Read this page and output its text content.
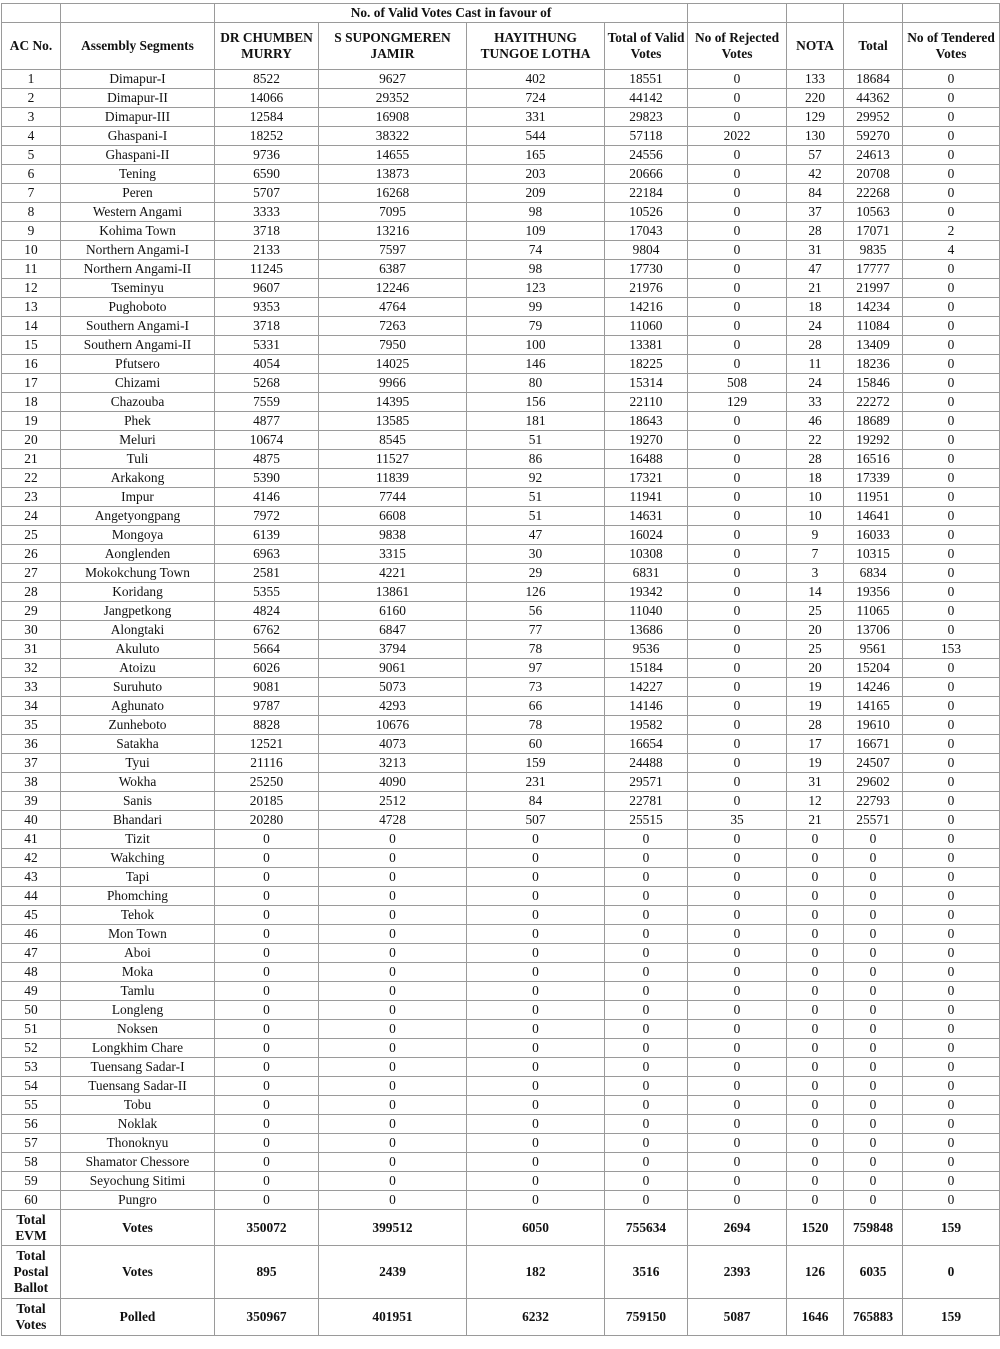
		No. of Valid Votes Cast in favour of							
AC No.	Assembly Segments	DR CHUMBEN MURRY	S SUPONGMEREN JAMIR	HAYITHUNG TUNGOE LOTHA	Total of Valid Votes	No of Rejected Votes	NOTA	Total	No of Tendered Votes
1	Dimapur-I	8522	9627	402	18551	0	133	18684	0
2	Dimapur-II	14066	29352	724	44142	0	220	44362	0
3	Dimapur-III	12584	16908	331	29823	0	129	29952	0
4	Ghaspani-I	18252	38322	544	57118	2022	130	59270	0
5	Ghaspani-II	9736	14655	165	24556	0	57	24613	0
6	Tening	6590	13873	203	20666	0	42	20708	0
7	Peren	5707	16268	209	22184	0	84	22268	0
8	Western Angami	3333	7095	98	10526	0	37	10563	0
9	Kohima Town	3718	13216	109	17043	0	28	17071	2
10	Northern Angami-I	2133	7597	74	9804	0	31	9835	4
11	Northern Angami-II	11245	6387	98	17730	0	47	17777	0
12	Tseminyu	9607	12246	123	21976	0	21	21997	0
13	Pughoboto	9353	4764	99	14216	0	18	14234	0
14	Southern Angami-I	3718	7263	79	11060	0	24	11084	0
15	Southern Angami-II	5331	7950	100	13381	0	28	13409	0
16	Pfutsero	4054	14025	146	18225	0	11	18236	0
17	Chizami	5268	9966	80	15314	508	24	15846	0
18	Chazouba	7559	14395	156	22110	129	33	22272	0
19	Phek	4877	13585	181	18643	0	46	18689	0
20	Meluri	10674	8545	51	19270	0	22	19292	0
21	Tuli	4875	11527	86	16488	0	28	16516	0
22	Arkakong	5390	11839	92	17321	0	18	17339	0
23	Impur	4146	7744	51	11941	0	10	11951	0
24	Angetyongpang	7972	6608	51	14631	0	10	14641	0
25	Mongoya	6139	9838	47	16024	0	9	16033	0
26	Aonglenden	6963	3315	30	10308	0	7	10315	0
27	Mokokchung Town	2581	4221	29	6831	0	3	6834	0
28	Koridang	5355	13861	126	19342	0	14	19356	0
29	Jangpetkong	4824	6160	56	11040	0	25	11065	0
30	Alongtaki	6762	6847	77	13686	0	20	13706	0
31	Akuluto	5664	3794	78	9536	0	25	9561	153
32	Atoizu	6026	9061	97	15184	0	20	15204	0
33	Suruhuto	9081	5073	73	14227	0	19	14246	0
34	Aghunato	9787	4293	66	14146	0	19	14165	0
35	Zunheboto	8828	10676	78	19582	0	28	19610	0
36	Satakha	12521	4073	60	16654	0	17	16671	0
37	Tyui	21116	3213	159	24488	0	19	24507	0
38	Wokha	25250	4090	231	29571	0	31	29602	0
39	Sanis	20185	2512	84	22781	0	12	22793	0
40	Bhandari	20280	4728	507	25515	35	21	25571	0
41	Tizit	0	0	0	0	0	0	0	0
42	Wakching	0	0	0	0	0	0	0	0
43	Tapi	0	0	0	0	0	0	0	0
44	Phomching	0	0	0	0	0	0	0	0
45	Tehok	0	0	0	0	0	0	0	0
46	Mon Town	0	0	0	0	0	0	0	0
47	Aboi	0	0	0	0	0	0	0	0
48	Moka	0	0	0	0	0	0	0	0
49	Tamlu	0	0	0	0	0	0	0	0
50	Longleng	0	0	0	0	0	0	0	0
51	Noksen	0	0	0	0	0	0	0	0
52	Longkhim Chare	0	0	0	0	0	0	0	0
53	Tuensang Sadar-I	0	0	0	0	0	0	0	0
54	Tuensang Sadar-II	0	0	0	0	0	0	0	0
55	Tobu	0	0	0	0	0	0	0	0
56	Noklak	0	0	0	0	0	0	0	0
57	Thonoknyu	0	0	0	0	0	0	0	0
58	Shamator Chessore	0	0	0	0	0	0	0	0
59	Seyochung Sitimi	0	0	0	0	0	0	0	0
60	Pungro	0	0	0	0	0	0	0	0
Total EVM	Votes	350072	399512	6050	755634	2694	1520	759848	159
Total Postal Ballot	Votes	895	2439	182	3516	2393	126	6035	0
Total Votes	Polled	350967	401951	6232	759150	5087	1646	765883	159
